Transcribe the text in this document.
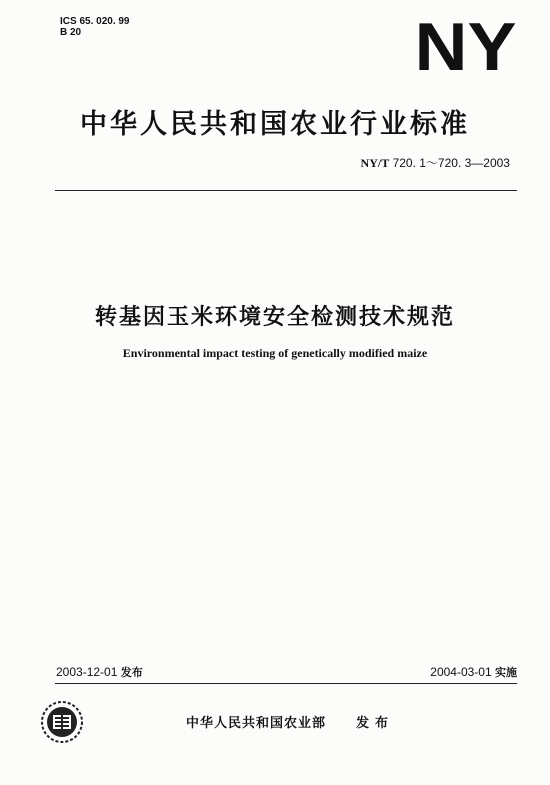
ICS 65. 020. 99
B 20	NY
中华人民共和国农业行业标准
NY/T 720. 1～720. 3—2003
转基因玉米环境安全检测技术规范
Environmental impact testing of genetically modified maize
2003-12-01 发布	2004-03-01 实施
中华人民共和国农业部 发布
